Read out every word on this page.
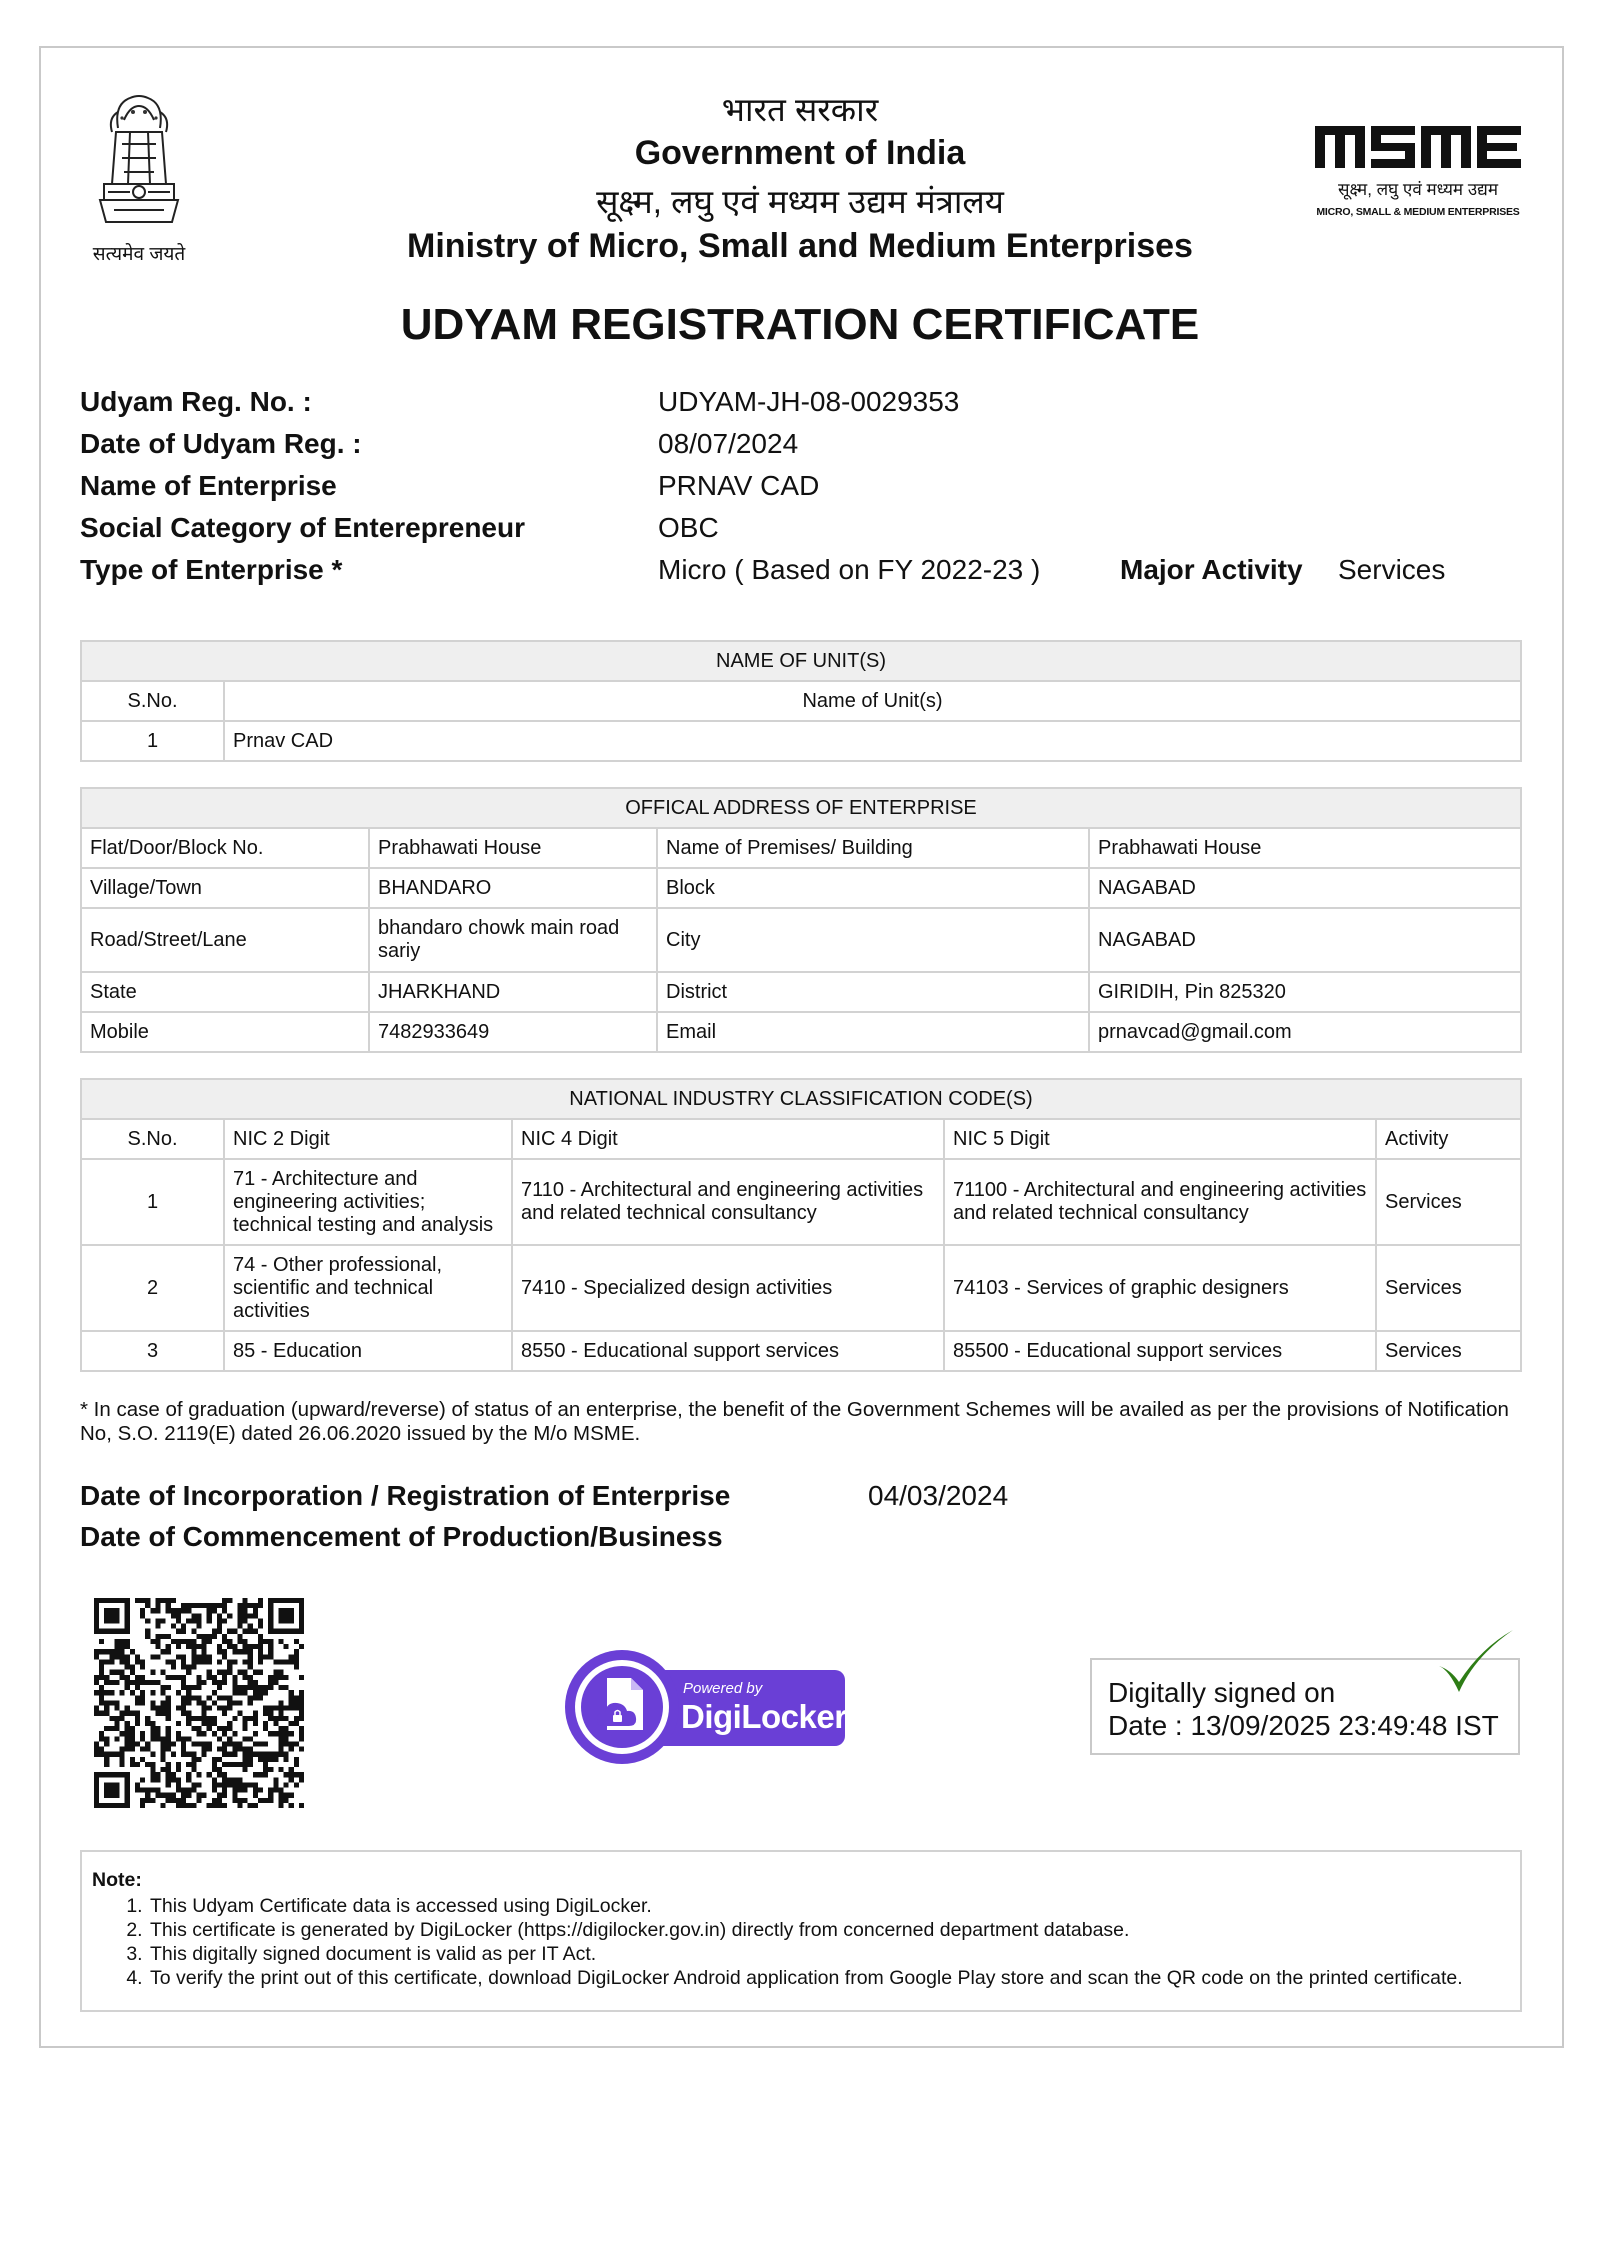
सत्यमेव जयते
भारत सरकार
Government of India
सूक्ष्म, लघु एवं मध्यम उद्यम मंत्रालय
Ministry of Micro, Small and Medium Enterprises
सूक्ष्म, लघु एवं मध्यम उद्यम
MICRO, SMALL & MEDIUM ENTERPRISES
UDYAM REGISTRATION CERTIFICATE
Udyam Reg. No. :	UDYAM-JH-08-0029353
Date of Udyam Reg. :	08/07/2024
Name of Enterprise	PRNAV CAD
Social Category of Enterepreneur	OBC
Type of Enterprise *	Micro ( Based on FY 2022-23 )	Major Activity Services
NAME OF UNIT(S)	
S.No.	Name of Unit(s)
1	Prnav CAD
OFFICAL ADDRESS OF ENTERPRISE			
Flat/Door/Block No.	Prabhawati House	Name of Premises/ Building	Prabhawati House
Village/Town	BHANDARO	Block	NAGABAD
Road/Street/Lane	bhandaro chowk main road sariy	City	NAGABAD
State	JHARKHAND	District	GIRIDIH, Pin 825320
Mobile	7482933649	Email	prnavcad@gmail.com
NATIONAL INDUSTRY CLASSIFICATION CODE(S)				
S.No.	NIC 2 Digit	NIC 4 Digit	NIC 5 Digit	Activity
1	71 - Architecture and engineering activities; technical testing and analysis	7110 - Architectural and engineering activities and related technical consultancy	71100 - Architectural and engineering activities and related technical consultancy	Services
2	74 - Other professional, scientific and technical activities	7410 - Specialized design activities	74103 - Services of graphic designers	Services
3	85 - Education	8550 - Educational support services	85500 - Educational support services	Services
* In case of graduation (upward/reverse) of status of an enterprise, the benefit of the Government Schemes will be availed as per the provisions of Notification No, S.O. 2119(E) dated 26.06.2020 issued by the M/o MSME.
Date of Incorporation / Registration of Enterprise	04/03/2024
Date of Commencement of Production/Business
Powered by
DigiLocker
Digitally signed on
Date : 13/09/2025 23:49:48 IST
Note:
1. This Udyam Certificate data is accessed using DigiLocker.
2. This certificate is generated by DigiLocker (https://digilocker.gov.in) directly from concerned department database.
3. This digitally signed document is valid as per IT Act.
4. To verify the print out of this certificate, download DigiLocker Android application from Google Play store and scan the QR code on the printed certificate.
